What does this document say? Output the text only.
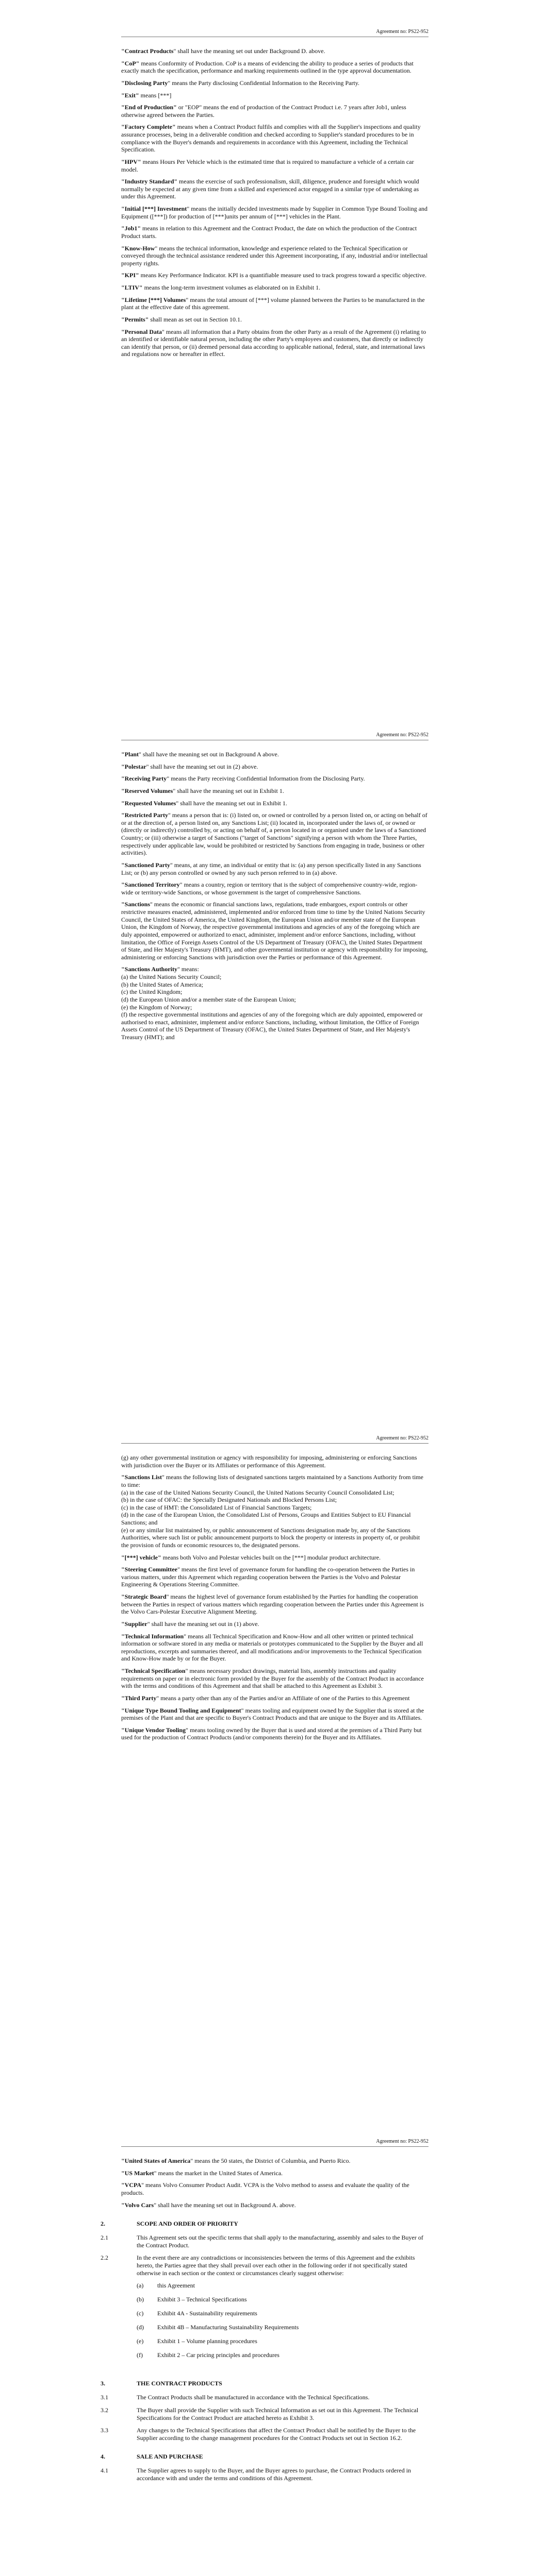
Agreement no: PS22-952

"Contract Products" shall have the meaning set out under Background D. above.

"CoP" means Conformity of Production. CoP is a means of evidencing the ability to produce a series of products that exactly match the specification, performance and marking requirements outlined in the type approval documentation.

"Disclosing Party" means the Party disclosing Confidential Information to the Receiving Party.

"Exit" means [***]

"End of Production" or "EOP" means the end of production of the Contract Product i.e. 7 years after Job1, unless otherwise agreed between the Parties.

"Factory Complete" means when a Contract Product fulfils and complies with all the Supplier's inspections and quality assurance processes, being in a deliverable condition and checked according to Supplier's standard procedures to be in compliance with the Buyer's demands and requirements in accordance with this Agreement, including the Technical Specification.

"HPV" means Hours Per Vehicle which is the estimated time that is required to manufacture a vehicle of a certain car model.

"Industry Standard" means the exercise of such professionalism, skill, diligence, prudence and foresight which would normally be expected at any given time from a skilled and experienced actor engaged in a similar type of undertaking as under this Agreement.

"Initial [***] Investment" means the initially decided investments made by Supplier in Common Type Bound Tooling and Equipment ([***]) for production of [***]units per annum of [***] vehicles in the Plant.

"Job1" means in relation to this Agreement and the Contract Product, the date on which the production of the Contract Product starts.

"Know-How" means the technical information, knowledge and experience related to the Technical Specification or conveyed through the technical assistance rendered under this Agreement incorporating, if any, industrial and/or intellectual property rights.

"KPI" means Key Performance Indicator. KPI is a quantifiable measure used to track progress toward a specific objective.

"LTIV" means the long-term investment volumes as elaborated on in Exhibit 1.

"Lifetime [***] Volumes" means the total amount of [***] volume planned between the Parties to be manufactured in the plant at the effective date of this agreement.

"Permits" shall mean as set out in Section 10.1.

"Personal Data" means all information that a Party obtains from the other Party as a result of the Agreement (i) relating to an identified or identifiable natural person, including the other Party's employees and customers, that directly or indirectly can identify that person, or (ii) deemed personal data according to applicable national, federal, state, and international laws and regulations now or hereafter in effect.

Agreement no: PS22-952

"Plant" shall have the meaning set out in Background A above.

"Polestar" shall have the meaning set out in (2) above.

"Receiving Party" means the Party receiving Confidential Information from the Disclosing Party.

"Reserved Volumes" shall have the meaning set out in Exhibit 1.

"Requested Volumes" shall have the meaning set out in Exhibit 1.

"Restricted Party" means a person that is: (i) listed on, or owned or controlled by a person listed on, or acting on behalf of or at the direction of, a person listed on, any Sanctions List; (ii) located in, incorporated under the laws of, or owned or (directly or indirectly) controlled by, or acting on behalf of, a person located in or organised under the laws of a Sanctioned Country; or (iii) otherwise a target of Sanctions ("target of Sanctions" signifying a person with whom the Three Parties, respectively under applicable law, would be prohibited or restricted by Sanctions from engaging in trade, business or other activities).

"Sanctioned Party" means, at any time, an individual or entity that is: (a) any person specifically listed in any Sanctions List; or (b) any person controlled or owned by any such person referred to in (a) above.

"Sanctioned Territory" means a country, region or territory that is the subject of comprehensive country-wide, region-wide or territory-wide Sanctions, or whose government is the target of comprehensive Sanctions.

"Sanctions" means the economic or financial sanctions laws, regulations, trade embargoes, export controls or other restrictive measures enacted, administered, implemented and/or enforced from time to time by the United Nations Security Council, the United States of America, the United Kingdom, the European Union and/or member state of the European Union, the Kingdom of Norway, the respective governmental institutions and agencies of any of the foregoing which are duly appointed, empowered or authorized to enact, administer, implement and/or enforce Sanctions, including, without limitation, the Office of Foreign Assets Control of the US Department of Treasury (OFAC), the United States Department of State, and Her Majesty's Treasury (HMT), and other governmental institution or agency with responsibility for imposing, administering or enforcing Sanctions with jurisdiction over the Parties or performance of this Agreement.

"Sanctions Authority" means:
(a) the United Nations Security Council;
(b) the United States of America;
(c) the United Kingdom;
(d) the European Union and/or a member state of the European Union;
(e) the Kingdom of Norway;
(f) the respective governmental institutions and agencies of any of the foregoing which are duly appointed, empowered or authorised to enact, administer, implement and/or enforce Sanctions, including, without limitation, the Office of Foreign Assets Control of the US Department of Treasury (OFAC), the United States Department of State, and Her Majesty's Treasury (HMT); and
Agreement no: PS22-952

(g) any other governmental institution or agency with responsibility for imposing, administering or enforcing Sanctions with jurisdiction over the Buyer or its Affiliates or performance of this Agreement.

"Sanctions List" means the following lists of designated sanctions targets maintained by a Sanctions Authority from time to time:
(a) in the case of the United Nations Security Council, the United Nations Security Council Consolidated List;
(b) in the case of OFAC: the Specially Designated Nationals and Blocked Persons List;
(c) in the case of HMT: the Consolidated List of Financial Sanctions Targets;
(d) in the case of the European Union, the Consolidated List of Persons, Groups and Entities Subject to EU Financial Sanctions; and
(e) or any similar list maintained by, or public announcement of Sanctions designation made by, any of the Sanctions Authorities, where such list or public announcement purports to block the property or interests in property of, or prohibit the provision of funds or economic resources to, the designated persons.

"[***] vehicle" means both Volvo and Polestar vehicles built on the [***] modular product architecture.

"Steering Committee" means the first level of governance forum for handling the co-operation between the Parties in various matters, under this Agreement which regarding cooperation between the Parties is the Volvo and Polestar Engineering & Operations Steering Committee.

"Strategic Board" means the highest level of governance forum established by the Parties for handling the cooperation between the Parties in respect of various matters which regarding cooperation between the Parties under this Agreement is the Volvo Cars-Polestar Executive Alignment Meeting.

"Supplier" shall have the meaning set out in (1) above.

"Technical Information" means all Technical Specification and Know-How and all other written or printed technical information or software stored in any media or materials or prototypes communicated to the Supplier by the Buyer and all reproductions, excerpts and summaries thereof, and all modifications and/or improvements to the Technical Specification and Know-How made by or for the Buyer.

"Technical Specification" means necessary product drawings, material lists, assembly instructions and quality requirements on paper or in electronic form provided by the Buyer for the assembly of the Contract Product in accordance with the terms and conditions of this Agreement and that shall be attached to this Agreement as Exhibit 3.

"Third Party" means a party other than any of the Parties and/or an Affiliate of one of the Parties to this Agreement

"Unique Type Bound Tooling and Equipment" means tooling and equipment owned by the Supplier that is stored at the premises of the Plant and that are specific to Buyer's Contract Products and that are unique to the Buyer and its Affiliates.

"Unique Vendor Tooling" means tooling owned by the Buyer that is used and stored at the premises of a Third Party but used for the production of Contract Products (and/or components therein) for the Buyer and its Affiliates.

Agreement no: PS22-952

"United States of America" means the 50 states, the District of Columbia, and Puerto Rico.

"US Market" means the market in the United States of America.

"VCPA" means Volvo Consumer Product Audit. VCPA is the Volvo method to assess and evaluate the quality of the products.

"Volvo Cars" shall have the meaning set out in Background A. above.

2.	SCOPE AND ORDER OF PRIORITY
2.1	This Agreement sets out the specific terms that shall apply to the manufacturing, assembly and sales to the Buyer of the Contract Product.
2.2	In the event there are any contradictions or inconsistencies between the terms of this Agreement and the exhibits hereto, the Parties agree that they shall prevail over each other in the following order if not specifically stated otherwise in each section or the context or circumstances clearly suggest otherwise:
(a)	this Agreement
(b)	Exhibit 3 – Technical Specifications
(c)	Exhibit 4A - Sustainability requirements
(d)	Exhibit 4B – Manufacturing Sustainability Requirements
(e)	Exhibit 1 – Volume planning procedures
(f)	Exhibit 2 – Car pricing principles and procedures
3.	THE CONTRACT PRODUCTS
3.1	The Contract Products shall be manufactured in accordance with the Technical Specifications.
3.2	The Buyer shall provide the Supplier with such Technical Information as set out in this Agreement. The Technical Specifications for the Contract Product are attached hereto as Exhibit 3.
3.3	Any changes to the Technical Specifications that affect the Contract Product shall be notified by the Buyer to the Supplier according to the change management procedures for the Contract Products set out in Section 16.2.
4.	SALE AND PURCHASE
4.1	The Supplier agrees to supply to the Buyer, and the Buyer agrees to purchase, the Contract Products ordered in accordance with and under the terms and conditions of this Agreement.
